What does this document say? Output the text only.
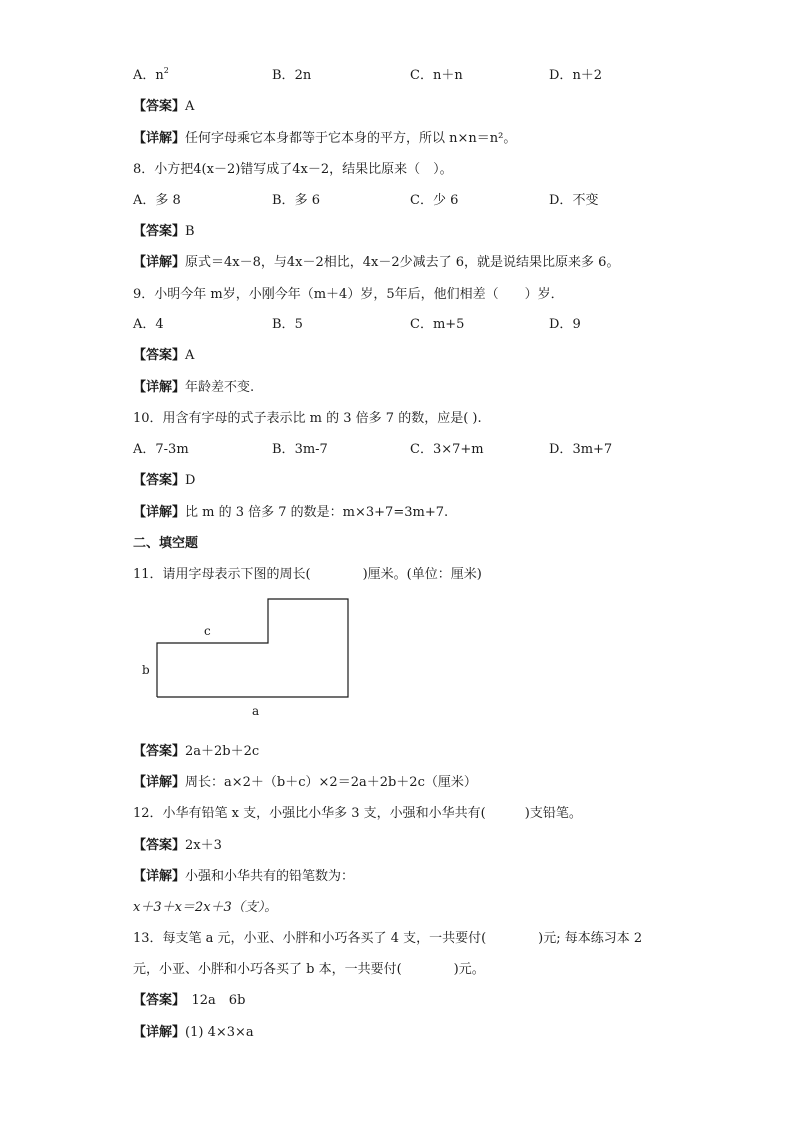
A．$n^2$	B．2n	C．n＋n	D．n＋2
【答案】A
【详解】任何字母乘它本身都等于它本身的平方，所以 n×n＝n²。
8．小方把4(x－2)错写成了4x－2，结果比原来（　）。
A．多 8	B．多 6	C．少 6	D．不变
【答案】B
【详解】原式＝4x－8，与4x－2相比，4x－2少减去了 6，就是说结果比原来多 6。
9．小明今年 m岁，小刚今年（m＋4）岁，5年后，他们相差（　　）岁．
A．4	B．5	C．m+5	D．9
【答案】A
【详解】年龄差不变.
10．用含有字母的式子表示比 m 的 3 倍多 7 的数，应是( ).
A．7-3m	B．3m-7	C．3×7+m	D．3m+7
【答案】D
【详解】比 m 的 3 倍多 7 的数是：m×3+7=3m+7.
二、填空题
11．请用字母表示下图的周长(　　　　)厘米。(单位：厘米)
c
b
a
【答案】2a＋2b＋2c
【详解】周长：a×2＋（b＋c）×2＝2a＋2b＋2c（厘米）
12．小华有铅笔 x 支，小强比小华多 3 支，小强和小华共有(　　　)支铅笔。
【答案】2x＋3
【详解】小强和小华共有的铅笔数为：
x＋3＋x＝2x＋3（支）。
13．每支笔 a 元，小亚、小胖和小巧各买了 4 支，一共要付(　　　　)元; 每本练习本 2
元，小亚、小胖和小巧各买了 b 本，一共要付(　　　　)元。
【答案】　12a　6b
【详解】(1) 4×3×a
